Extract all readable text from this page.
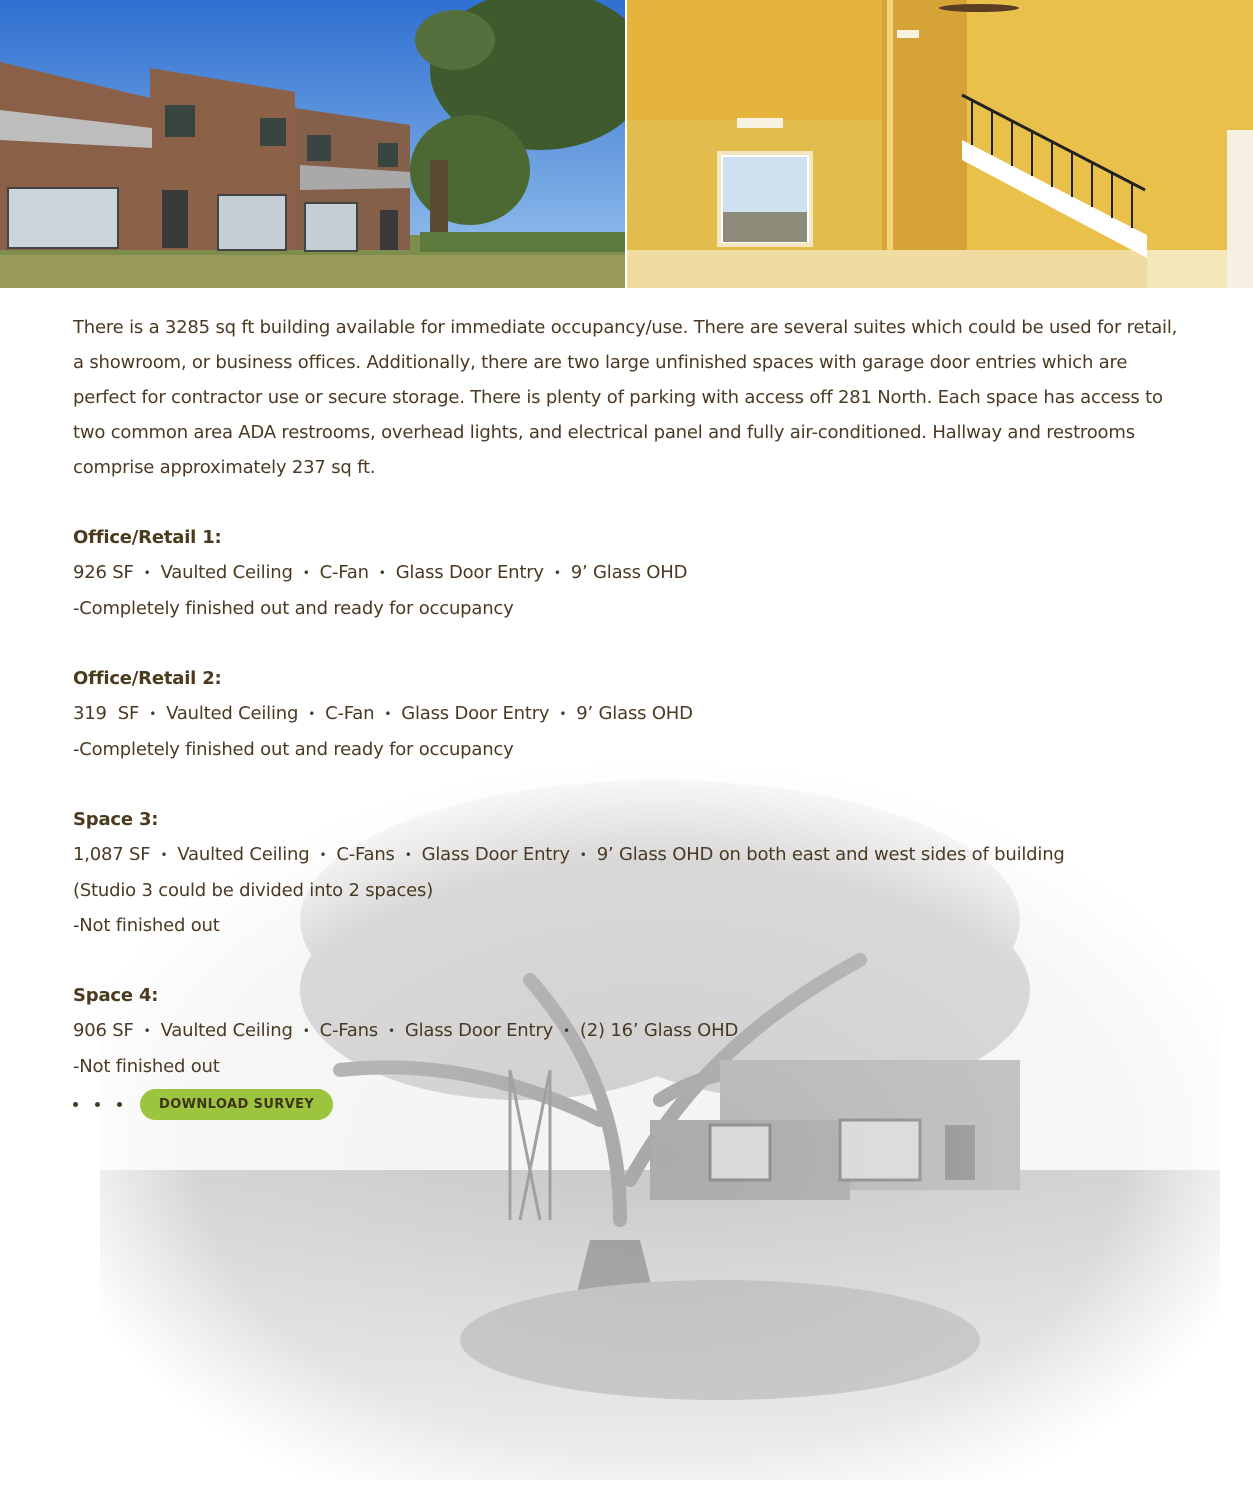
There is a 3285 sq ft building available for immediate occupancy/use. There are several suites which could be used for retail, a showroom, or business offices. Additionally, there are two large unfinished spaces with garage door entries which are perfect for contractor use or secure storage. There is plenty of parking with access off 281 North. Each space has access to two common area ADA restrooms, overhead lights, and electrical panel and fully air-conditioned. Hallway and restrooms comprise approximately 237 sq ft.
Office/Retail 1:
926 SF • Vaulted Ceiling • C-Fan • Glass Door Entry • 9’ Glass OHD
-Completely finished out and ready for occupancy
Office/Retail 2:
319  SF • Vaulted Ceiling • C-Fan • Glass Door Entry • 9’ Glass OHD
-Completely finished out and ready for occupancy
Space 3:
1,087 SF • Vaulted Ceiling • C-Fans • Glass Door Entry • 9’ Glass OHD on both east and west sides of building
(Studio 3 could be divided into 2 spaces)
-Not finished out
Space 4:
906 SF • Vaulted Ceiling • C-Fans • Glass Door Entry • (2) 16’ Glass OHD
-Not finished out
DOWNLOAD SURVEY
